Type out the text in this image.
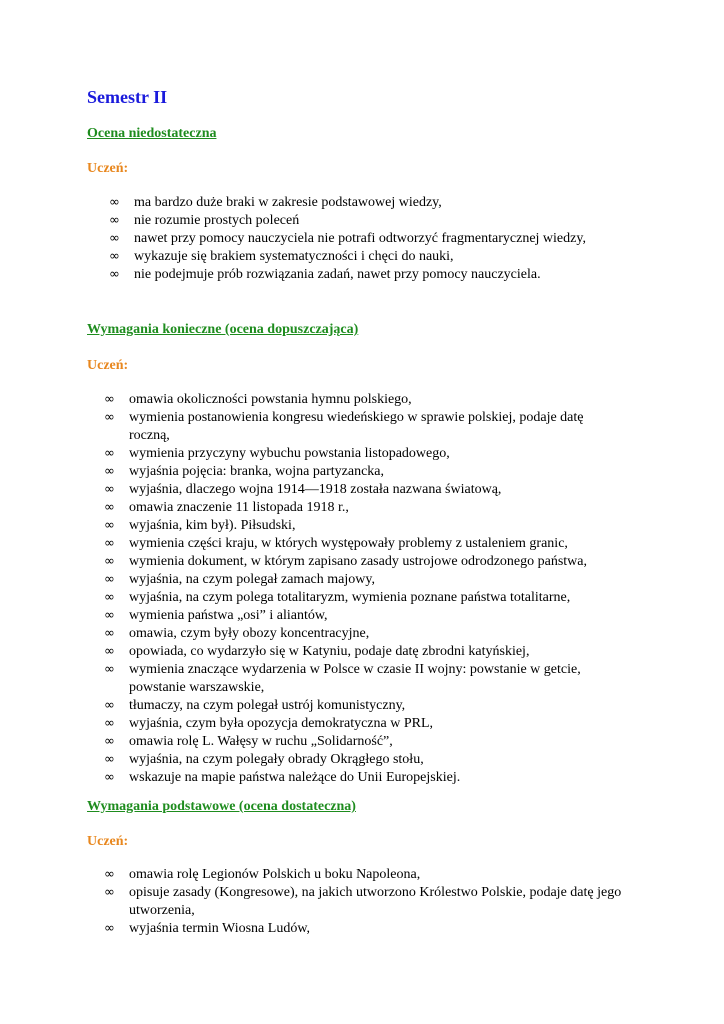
Semestr II
Ocena niedostateczna

Uczeń:

∞ ma bardzo duże braki w zakresie podstawowej wiedzy,
∞ nie rozumie prostych poleceń
∞ nawet przy pomocy nauczyciela nie potrafi odtworzyć fragmentarycznej wiedzy,
∞ wykazuje się brakiem systematyczności i chęci do nauki,
∞ nie podejmuje prób rozwiązania zadań, nawet przy pomocy nauczyciela.
Wymagania konieczne (ocena dopuszczająca)

Uczeń:

∞ omawia okoliczności powstania hymnu polskiego,
∞ wymienia postanowienia kongresu wiedeńskiego w sprawie polskiej, podaje datę roczną,
∞ wymienia przyczyny wybuchu powstania listopadowego,
∞ wyjaśnia pojęcia: branka, wojna partyzancka,
∞ wyjaśnia, dlaczego wojna 1914—1918 została nazwana światową,
∞ omawia znaczenie 11 listopada 1918 r.,
∞ wyjaśnia, kim był). Piłsudski,
∞ wymienia części kraju, w których występowały problemy z ustaleniem granic,
∞ wymienia dokument, w którym zapisano zasady ustrojowe odrodzonego państwa,
∞ wyjaśnia, na czym polegał zamach majowy,
∞ wyjaśnia, na czym polega totalitaryzm, wymienia poznane państwa totalitarne,
∞ wymienia państwa „osi” i aliantów,
∞ omawia, czym były obozy koncentracyjne,
∞ opowiada, co wydarzyło się w Katyniu, podaje datę zbrodni katyńskiej,
∞ wymienia znaczące wydarzenia w Polsce w czasie II wojny: powstanie w getcie, powstanie warszawskie,
∞ tłumaczy, na czym polegał ustrój komunistyczny,
∞ wyjaśnia, czym była opozycja demokratyczna w PRL,
∞ omawia rolę L. Wałęsy w ruchu „Solidarność”,
∞ wyjaśnia, na czym polegały obrady Okrągłego stołu,
∞ wskazuje na mapie państwa należące do Unii Europejskiej.
Wymagania podstawowe (ocena dostateczna)

Uczeń:

∞ omawia rolę Legionów Polskich u boku Napoleona,
∞ opisuje zasady (Kongresowe), na jakich utworzono Królestwo Polskie, podaje datę jego utworzenia,
∞ wyjaśnia termin Wiosna Ludów,
